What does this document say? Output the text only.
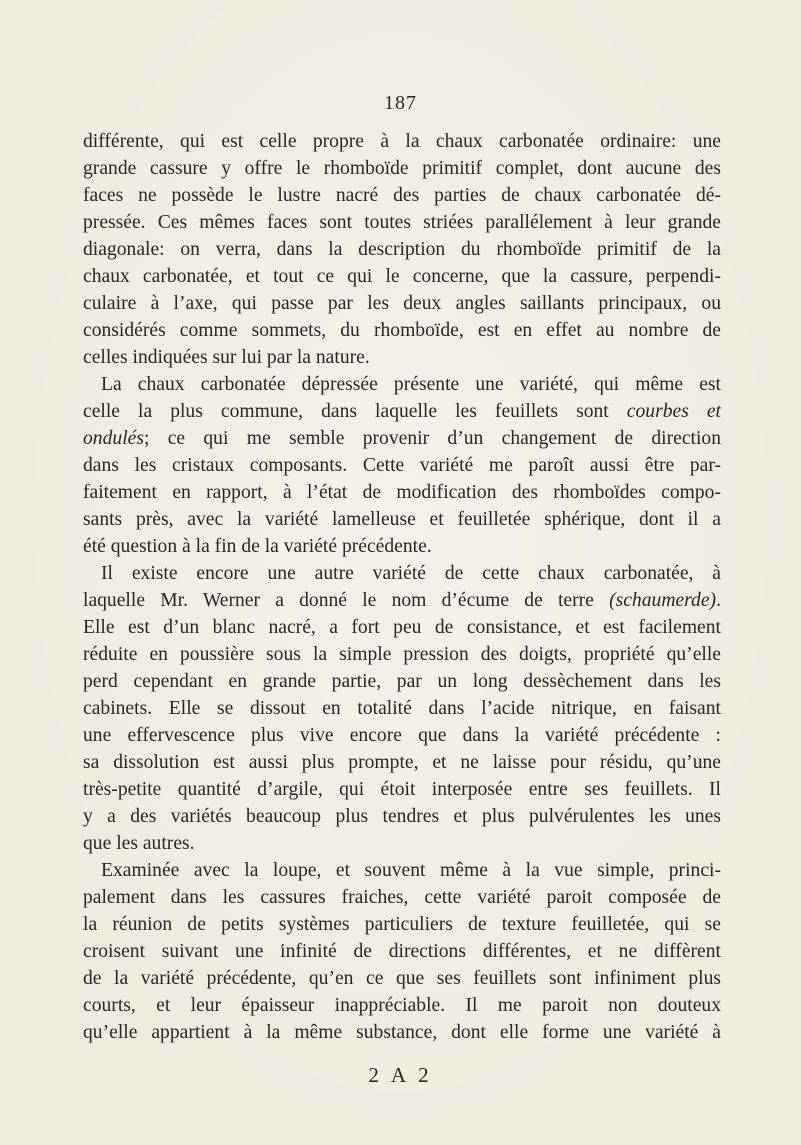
187
différente, qui est celle propre à la chaux carbonatée ordinaire: une
grande cassure y offre le rhomboïde primitif complet, dont aucune des
faces ne possède le lustre nacré des parties de chaux carbonatée dé-
pressée. Ces mêmes faces sont toutes striées parallélement à leur grande
diagonale: on verra, dans la description du rhomboïde primitif de la
chaux carbonatée, et tout ce qui le concerne, que la cassure, perpendi-
culaire à l’axe, qui passe par les deux angles saillants principaux, ou
considérés comme sommets, du rhomboïde, est en effet au nombre de
celles indiquées sur lui par la nature.
La chaux carbonatée dépressée présente une variété, qui même est
celle la plus commune, dans laquelle les feuillets sont courbes et
ondulés; ce qui me semble provenir d’un changement de direction
dans les cristaux composants. Cette variété me paroît aussi être par-
faitement en rapport, à l’état de modification des rhomboïdes compo-
sants près, avec la variété lamelleuse et feuilletée sphérique, dont il a
été question à la fin de la variété précédente.
Il existe encore une autre variété de cette chaux carbonatée, à
laquelle Mr. Werner a donné le nom d’écume de terre (schaumerde).
Elle est d’un blanc nacré, a fort peu de consistance, et est facilement
réduite en poussière sous la simple pression des doigts, propriété qu’elle
perd cependant en grande partie, par un long dessèchement dans les
cabinets. Elle se dissout en totalité dans l’acide nitrique, en faisant
une effervescence plus vive encore que dans la variété précédente :
sa dissolution est aussi plus prompte, et ne laisse pour résidu, qu’une
très-petite quantité d’argile, qui étoit interposée entre ses feuillets. Il
y a des variétés beaucoup plus tendres et plus pulvérulentes les unes
que les autres.
Examinée avec la loupe, et souvent même à la vue simple, princi-
palement dans les cassures fraiches, cette variété paroit composée de
la réunion de petits systèmes particuliers de texture feuilletée, qui se
croisent suivant une infinité de directions différentes, et ne diffèrent
de la variété précédente, qu’en ce que ses feuillets sont infiniment plus
courts, et leur épaisseur inappréciable. Il me paroit non douteux
qu’elle appartient à la même substance, dont elle forme une variété à
2 A 2
